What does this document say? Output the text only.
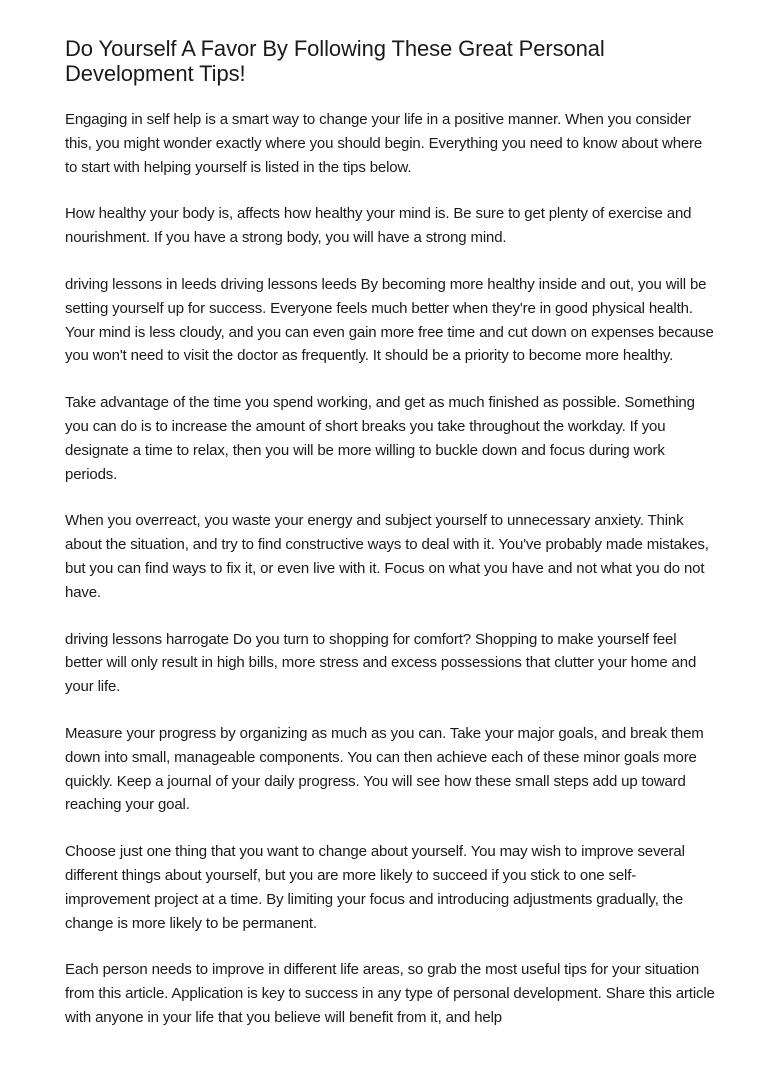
Do Yourself A Favor By Following These Great Personal Development Tips!

Engaging in self help is a smart way to change your life in a positive manner. When you consider this, you might wonder exactly where you should begin. Everything you need to know about where to start with helping yourself is listed in the tips below.

How healthy your body is, affects how healthy your mind is. Be sure to get plenty of exercise and nourishment. If you have a strong body, you will have a strong mind.

driving lessons in leeds driving lessons leeds By becoming more healthy inside and out, you will be setting yourself up for success. Everyone feels much better when they're in good physical health. Your mind is less cloudy, and you can even gain more free time and cut down on expenses because you won't need to visit the doctor as frequently. It should be a priority to become more healthy.

Take advantage of the time you spend working, and get as much finished as possible. Something you can do is to increase the amount of short breaks you take throughout the workday. If you designate a time to relax, then you will be more willing to buckle down and focus during work periods.

When you overreact, you waste your energy and subject yourself to unnecessary anxiety. Think about the situation, and try to find constructive ways to deal with it. You've probably made mistakes, but you can find ways to fix it, or even live with it. Focus on what you have and not what you do not have.

driving lessons harrogate Do you turn to shopping for comfort? Shopping to make yourself feel better will only result in high bills, more stress and excess possessions that clutter your home and your life.

Measure your progress by organizing as much as you can. Take your major goals, and break them down into small, manageable components. You can then achieve each of these minor goals more quickly. Keep a journal of your daily progress. You will see how these small steps add up toward reaching your goal.

Choose just one thing that you want to change about yourself. You may wish to improve several different things about yourself, but you are more likely to succeed if you stick to one self-improvement project at a time. By limiting your focus and introducing adjustments gradually, the change is more likely to be permanent.

Each person needs to improve in different life areas, so grab the most useful tips for your situation from this article. Application is key to success in any type of personal development. Share this article with anyone in your life that you believe will benefit from it, and help
